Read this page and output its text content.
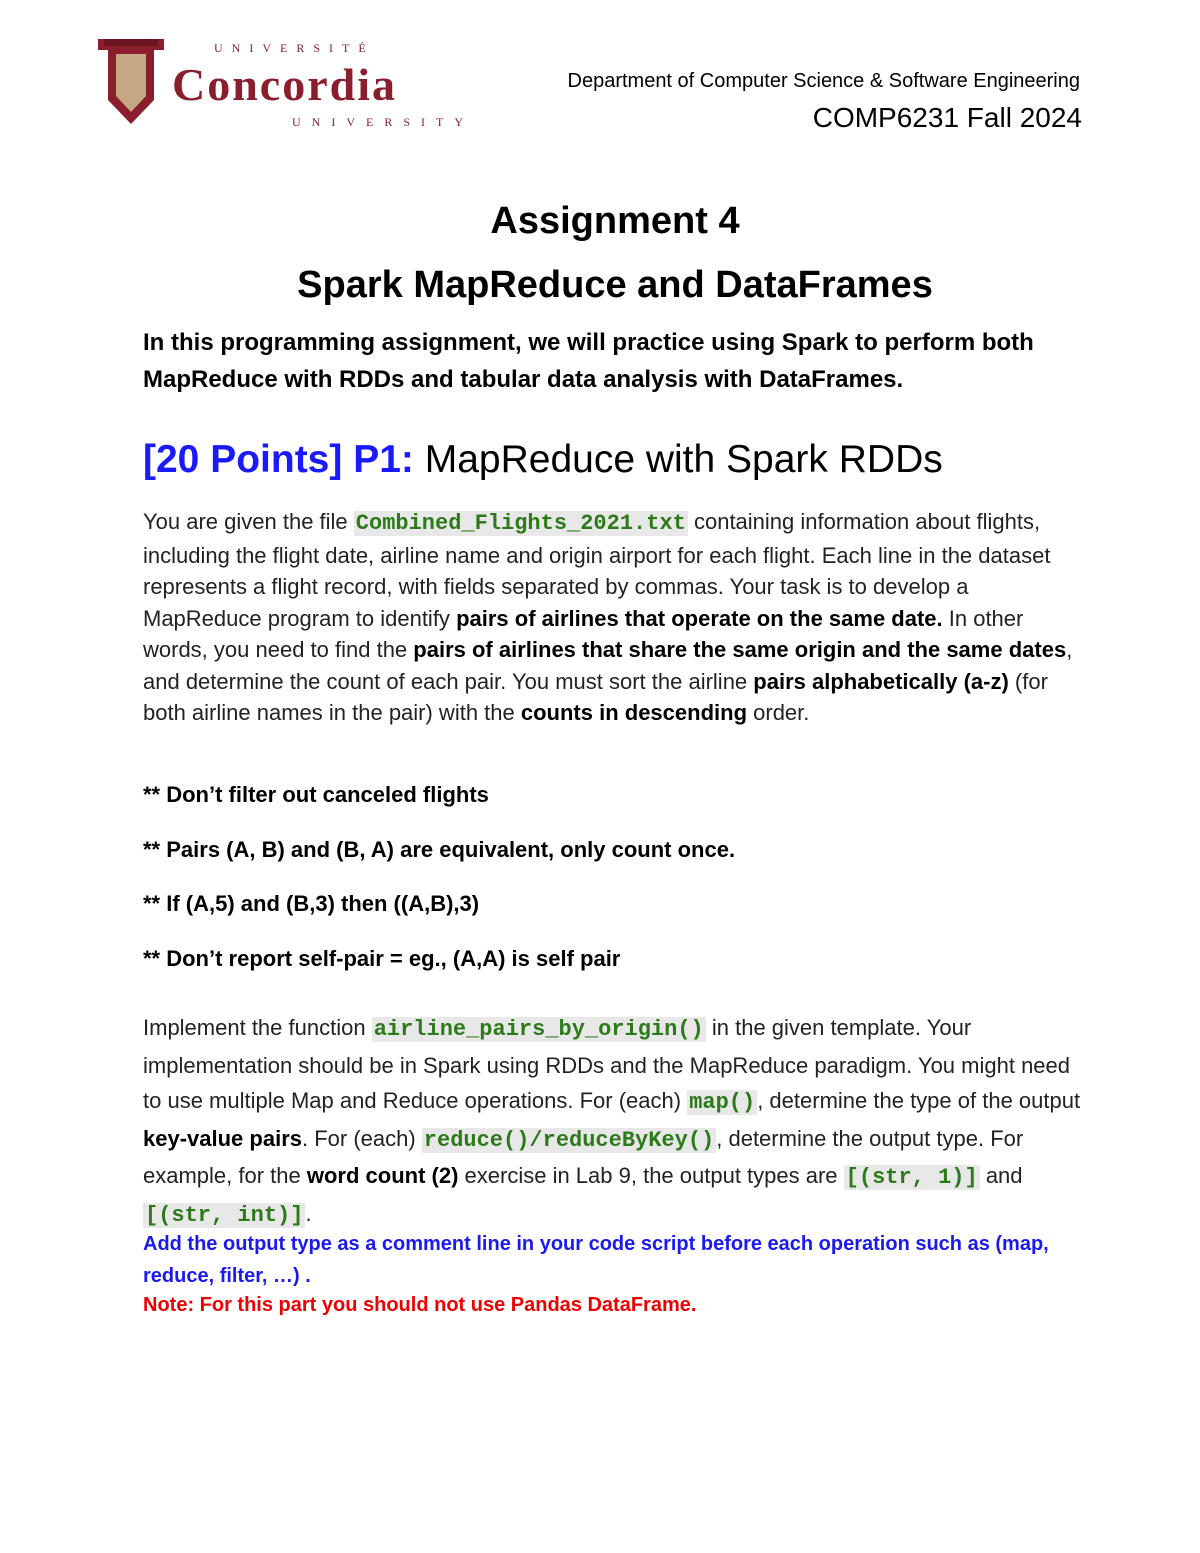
UNIVERSITÉ
Concordia
UNIVERSITY
Department of Computer Science & Software Engineering
COMP6231 Fall 2024
Assignment 4
Spark MapReduce and DataFrames
In this programming assignment, we will practice using Spark to perform both MapReduce with RDDs and tabular data analysis with DataFrames.
[20 Points] P1: MapReduce with Spark RDDs
You are given the file Combined_Flights_2021.txt containing information about flights, including the flight date, airline name and origin airport for each flight. Each line in the dataset represents a flight record, with fields separated by commas. Your task is to develop a MapReduce program to identify pairs of airlines that operate on the same date. In other words, you need to find the pairs of airlines that share the same origin and the same dates, and determine the count of each pair. You must sort the airline pairs alphabetically (a-z) (for both airline names in the pair) with the counts in descending order.
** Don’t filter out canceled flights
** Pairs (A, B) and (B, A) are equivalent, only count once.
** If (A,5) and (B,3) then ((A,B),3)
** Don’t report self-pair = eg., (A,A) is self pair
Implement the function airline_pairs_by_origin() in the given template. Your implementation should be in Spark using RDDs and the MapReduce paradigm. You might need to use multiple Map and Reduce operations. For (each) map(), determine the type of the output key-value pairs. For (each) reduce()/reduceByKey(), determine the output type. For example, for the word count (2) exercise in Lab 9, the output types are [(str, 1)] and [(str, int)].
Add the output type as a comment line in your code script before each operation such as (map, reduce, filter, …) .
Note: For this part you should not use Pandas DataFrame.
